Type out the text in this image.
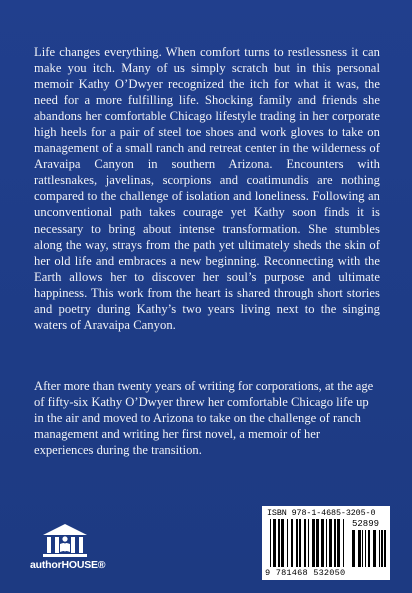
Life changes everything. When comfort turns to restlessness it can make you itch. Many of us simply scratch but in this personal memoir Kathy O’Dwyer recognized the itch for what it was, the need for a more fulfilling life. Shocking family and friends she abandons her comfortable Chicago lifestyle trading in her corporate high heels for a pair of steel toe shoes and work gloves to take on management of a small ranch and retreat center in the wilderness of Aravaipa Canyon in southern Arizona. Encounters with rattlesnakes, javelinas, scorpions and coatimundis are nothing compared to the challenge of isolation and loneliness. Following an unconventional path takes courage yet Kathy soon finds it is necessary to bring about intense transformation. She stumbles along the way, strays from the path yet ultimately sheds the skin of her old life and embraces a new beginning. Reconnecting with the Earth allows her to discover her soul’s purpose and ultimate happiness. This work from the heart is shared through short stories and poetry during Kathy’s two years living next to the singing waters of Aravaipa Canyon.

After more than twenty years of writing for corporations, at the age of fifty-six Kathy O’Dwyer threw her comfortable Chicago life up in the air and moved to Arizona to take on the challenge of ranch management and writing her first novel, a memoir of her experiences during the transition.

authorHOUSE®
ISBN 978-1-4685-3205-0
52899
9 781468 532050
